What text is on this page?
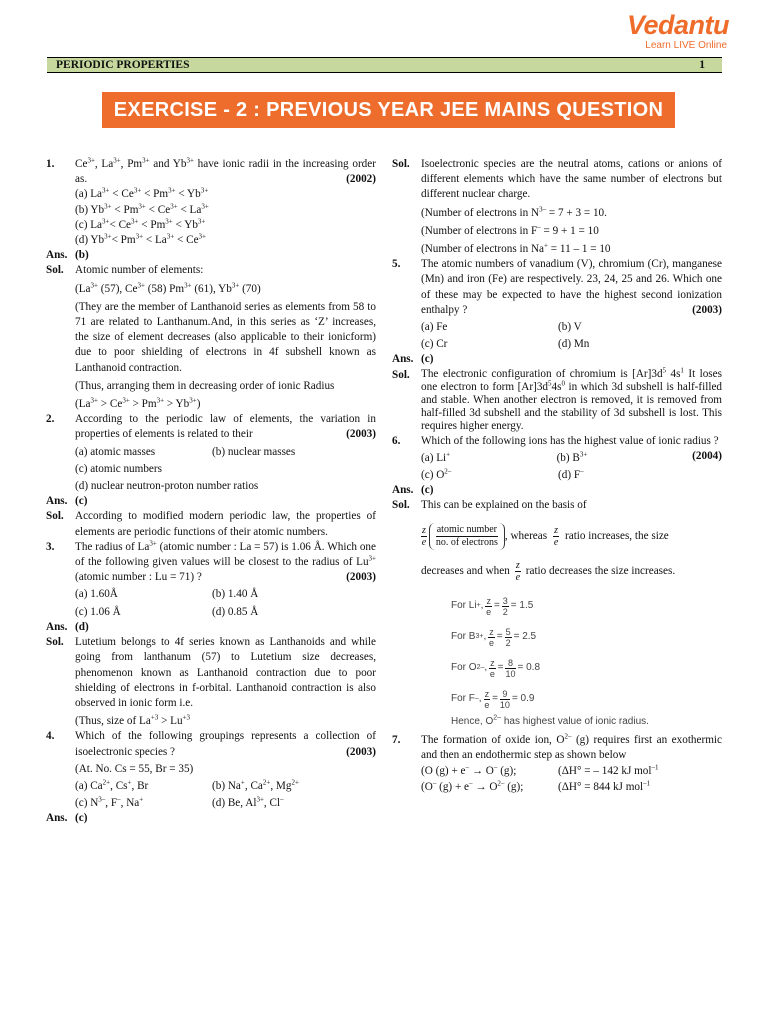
Vedantu
Learn LIVE Online
PERIODIC PROPERTIES	1
EXERCISE - 2 : PREVIOUS YEAR JEE MAINS QUESTION
1.	$Ce^{3+}$, $La^{3+}$, $Pm^{3+}$ and $Yb^{3+}$ have ionic radii in the increasing order as.	(2002)
(a) $La^{3+} < Ce^{3+} < Pm^{3+} < Yb^{3+}$
(b) $Yb^{3+} < Pm^{3+} < Ce^{3+} < La^{3+}$
(c) $La^{3+}< Ce^{3+} < Pm^{3+} < Yb^{3+}$
(d) $Yb^{3+}< Pm^{3+} < La^{3+} < Ce^{3+}$
Ans. (b)
Sol.	Atomic number of elements:
($La^{3+}$ (57), $Ce^{3+}$ (58) $Pm^{3+}$ (61), $Yb^{3+}$ (70)
(They are the member of Lanthanoid series as elements from 58 to 71 are related to Lanthanum.And, in this series as ‘Z’ increases, the size of element decreases (also applicable to their ionicform) due to poor shielding of electrons in 4f subshell known as Lanthanoid contraction.
(Thus, arranging them in decreasing order of ionic Radius
$(La^{3+} > Ce^{3+} > Pm^{3+} > Yb^{3+})$
2.	According to the periodic law of elements, the variation in properties of elements is related to their	(2003)
(a) atomic masses	(b) nuclear masses
(c) atomic numbers
(d) nuclear neutron-proton number ratios
Ans. (c)
Sol.	According to modified modern periodic law, the properties of elements are periodic functions of their atomic numbers.
3.	The radius of $La^{3+}$ (atomic number : La = 57) is 1.06 Å. Which one of the following given values will be closest to the radius of $Lu^{3+}$ (atomic number : Lu = 71) ?	(2003)
(a) 1.60Å	(b) 1.40 Å
(c) 1.06 Å	(d) 0.85 Å
Ans. (d)
Sol.	Lutetium belongs to 4f series known as Lanthanoids and while going from lanthanum (57) to Lutetium size decreases, phenomenon known as Lanthanoid contraction due to poor shielding of electrons in f-orbital. Lanthanoid contraction is also observed in ionic form i.e.
(Thus, size of $La^{+3} > Lu^{+3}$
4.	Which of the following groupings represents a collection of isoelectronic species ?	(2003)
(At. No. Cs = 55, Br = 35)
(a) $Ca^{2+}$, Cs+, Br	(b) Na+, $Ca^{2+}$, $Mg^{2+}$
(c) $N^{3-}$, F–, Na+	(d) Be, $Al^{3+}$, Cl–
Ans. (c)
Sol.	Isoelectronic species are the neutral atoms, cations or anions of different elements which have the same number of electrons but different nuclear charge.
(Number of electrons in $N^{3-} = 7 + 3 = 10$.
(Number of electrons in F– = 9 + 1 = 10
(Number of electrons in Na+ = 11 – 1 = 10
5.	The atomic numbers of vanadium (V), chromium (Cr), manganese (Mn) and iron (Fe) are respectively. 23, 24, 25 and 26. Which one of these may be expected to have the highest second ionization enthalpy ?	(2003)
(a) Fe	(b) V
(c) Cr	(d) Mn
Ans. (c)
Sol.	The electronic configuration of chromium is $[Ar]3d^5$ $4s^1$ It loses one electron to form $[Ar]3d^54s^0$ in which 3d subshell is half-filled and stable. When another electron is removed, it is removed from half-filled 3d subshell and the stability of 3d subshell is lost. This requires higher energy.
6.	Which of the following ions has the highest value of ionic radius ?
(2004)
(a) Li+	(b) $B^{3+}$
(c) $O^{2-}$	(d) F–
Ans. (c)
Sol.	This can be explained on the basis of
z
e
atomic number
no. of electrons
, whereas z
e
ratio increases, the size
decreases and when z
e
ratio decreases the size increases.
For Li + , z
e
= 3
2
= 1.5
For B 3+ , z
e
= 5
2
= 2.5
For O 2– , z
e
= 8
10
= 0.8
For F – , z
e
= 9
10
= 0.9
Hence, $O^{2-}$ has highest value of ionic radius.
7.	The formation of oxide ion, $O^{2-}$ (g) requires first an exothermic and then an endothermic step as shown below
(O (g) + e– → O– (g);	(ΔH° = – 142 kJ mol$^{-1}$
(O– $(g) + e^- \to O^{2-}$ (g);	(ΔH° = 844 kJ mol$^{-1}$
